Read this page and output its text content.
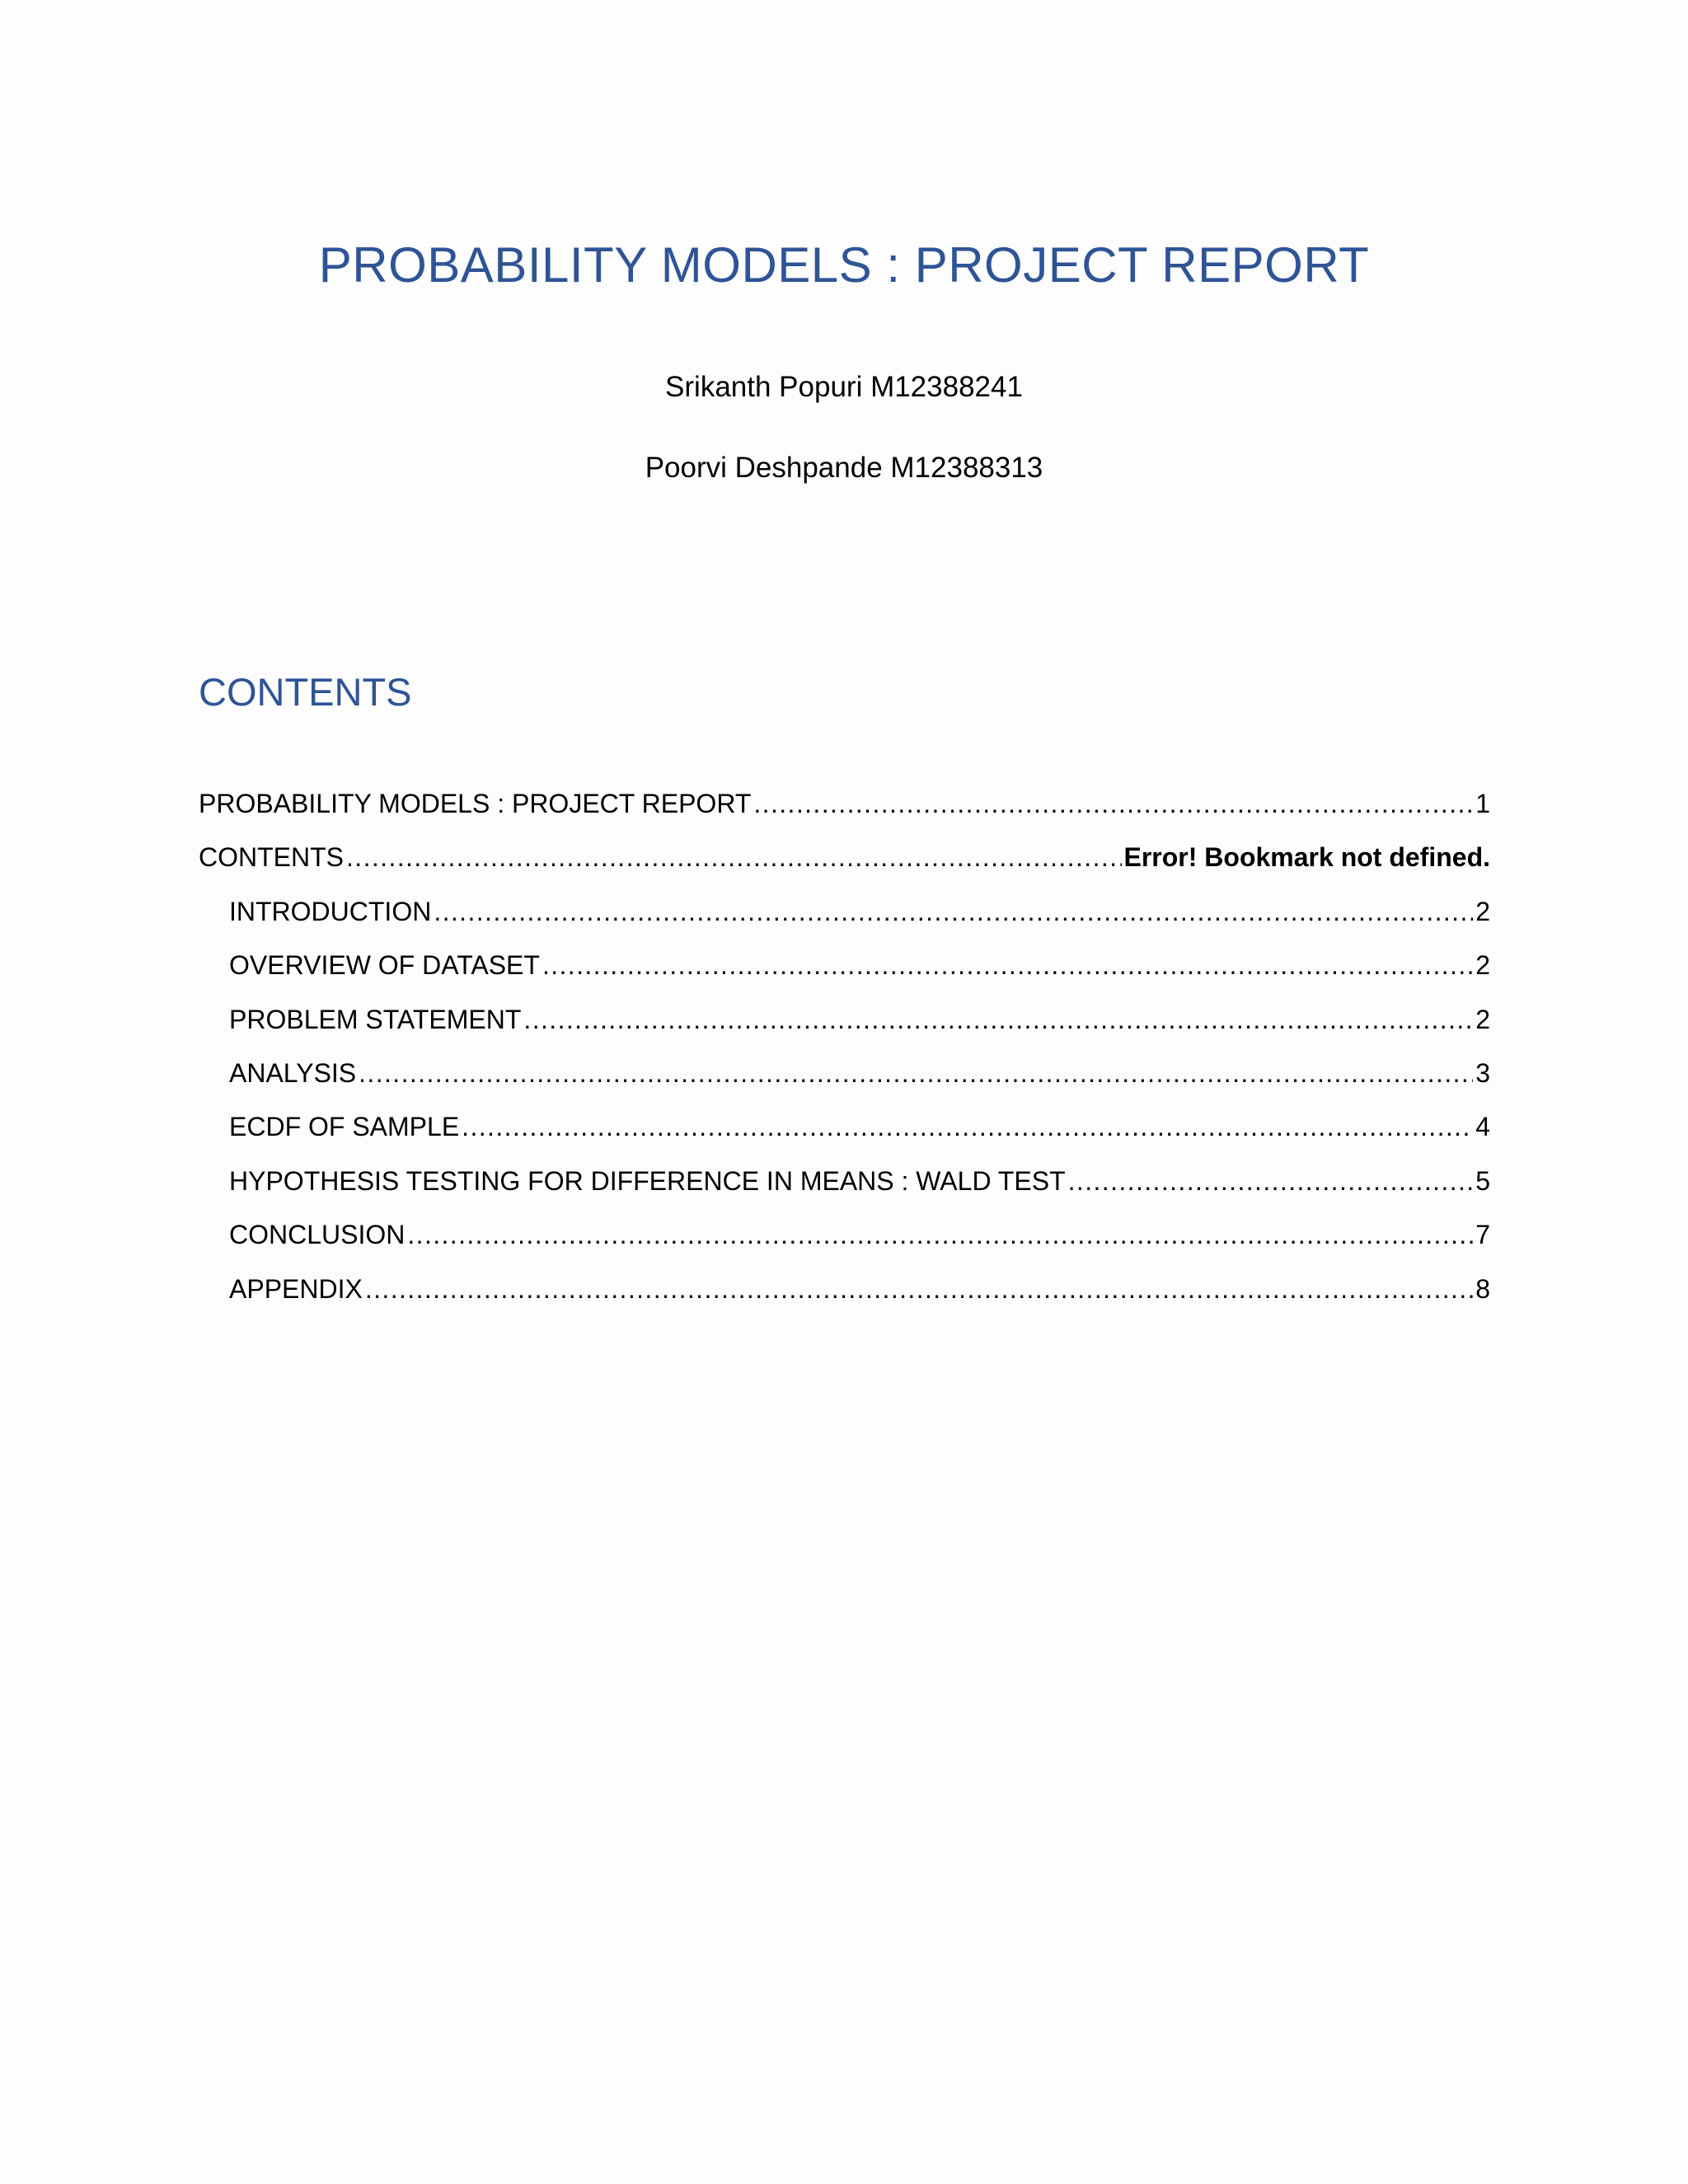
PROBABILITY MODELS : PROJECT REPORT

Srikanth Popuri M12388241

Poorvi Deshpande M12388313

CONTENTS
PROBABILITY MODELS : PROJECT REPORT .....	1
CONTENTS .....	Error! Bookmark not defined.
INTRODUCTION .....	2
OVERVIEW OF DATASET .....	2
PROBLEM STATEMENT .....	2
ANALYSIS .....	3
ECDF OF SAMPLE .....	4
HYPOTHESIS TESTING FOR DIFFERENCE IN MEANS : WALD TEST .....	5
CONCLUSION .....	7
APPENDIX .....	8
